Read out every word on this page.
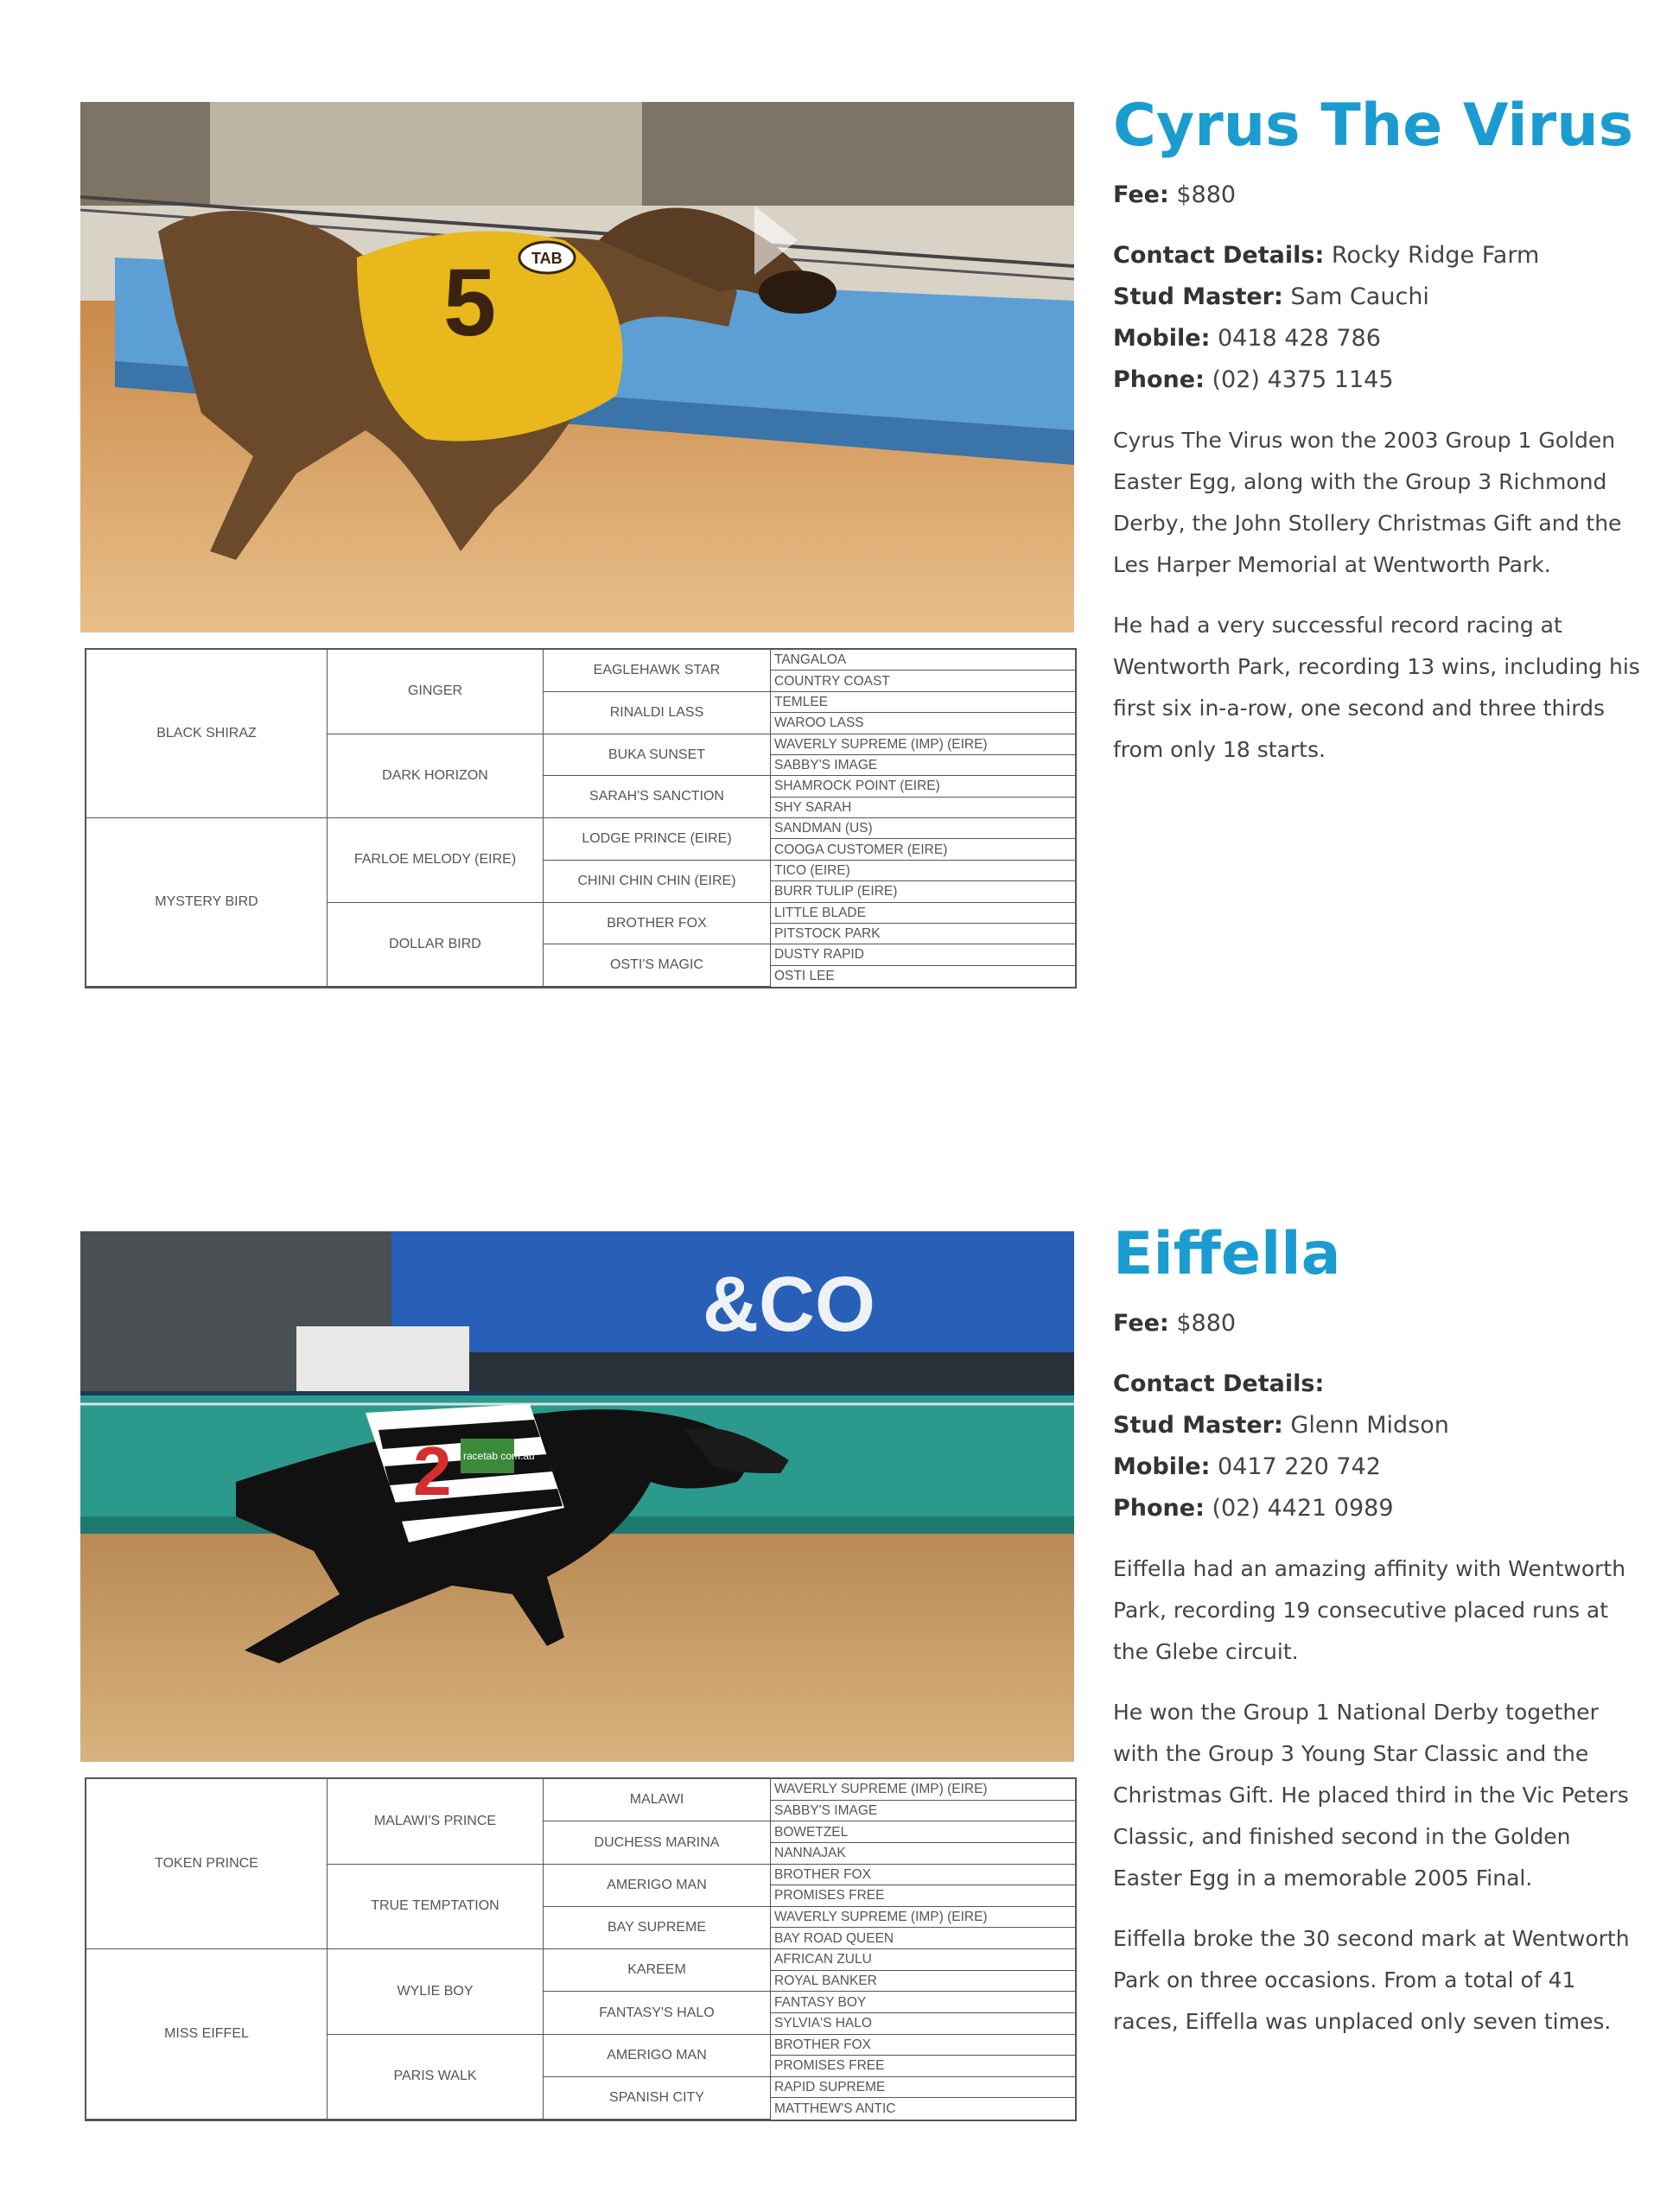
5 TAB
BLACK SHIRAZ
MYSTERY BIRD
GINGER
DARK HORIZON
FARLOE MELODY (EIRE)
DOLLAR BIRD
EAGLEHAWK STAR
RINALDI LASS
BUKA SUNSET
SARAH'S SANCTION
LODGE PRINCE (EIRE)
CHINI CHIN CHIN (EIRE)
BROTHER FOX
OSTI'S MAGIC
TANGALOA
COUNTRY COAST
TEMLEE
WAROO LASS
WAVERLY SUPREME (IMP) (EIRE)
SABBY'S IMAGE
SHAMROCK POINT (EIRE)
SHY SARAH
SANDMAN (US)
COOGA CUSTOMER (EIRE)
TICO (EIRE)
BURR TULIP (EIRE)
LITTLE BLADE
PITSTOCK PARK
DUSTY RAPID
OSTI LEE
Cyrus The Virus
Fee: $880
Contact Details: Rocky Ridge Farm
Stud Master: Sam Cauchi
Mobile: 0418 428 786
Phone: (02) 4375 1145

Cyrus The Virus won the 2003 Group 1 Golden Easter Egg, along with the Group 3 Richmond Derby, the John Stollery Christmas Gift and the Les Harper Memorial at Wentworth Park.

He had a very successful record racing at Wentworth Park, recording 13 wins, including his first six in-a-row, one second and three thirds from only 18 starts.

&CO
2 racetab com.au
TOKEN PRINCE
MISS EIFFEL
MALAWI'S PRINCE
TRUE TEMPTATION
WYLIE BOY
PARIS WALK
MALAWI
DUCHESS MARINA
AMERIGO MAN
BAY SUPREME
KAREEM
FANTASY'S HALO
AMERIGO MAN
SPANISH CITY
WAVERLY SUPREME (IMP) (EIRE)
SABBY'S IMAGE
BOWETZEL
NANNAJAK
BROTHER FOX
PROMISES FREE
WAVERLY SUPREME (IMP) (EIRE)
BAY ROAD QUEEN
AFRICAN ZULU
ROYAL BANKER
FANTASY BOY
SYLVIA'S HALO
BROTHER FOX
PROMISES FREE
RAPID SUPREME
MATTHEW'S ANTIC
Eiffella
Fee: $880
Contact Details:
Stud Master: Glenn Midson
Mobile: 0417 220 742
Phone: (02) 4421 0989

Eiffella had an amazing affinity with Wentworth Park, recording 19 consecutive placed runs at the Glebe circuit.

He won the Group 1 National Derby together with the Group 3 Young Star Classic and the Christmas Gift. He placed third in the Vic Peters Classic, and finished second in the Golden Easter Egg in a memorable 2005 Final.

Eiffella broke the 30 second mark at Wentworth Park on three occasions. From a total of 41 races, Eiffella was unplaced only seven times.
